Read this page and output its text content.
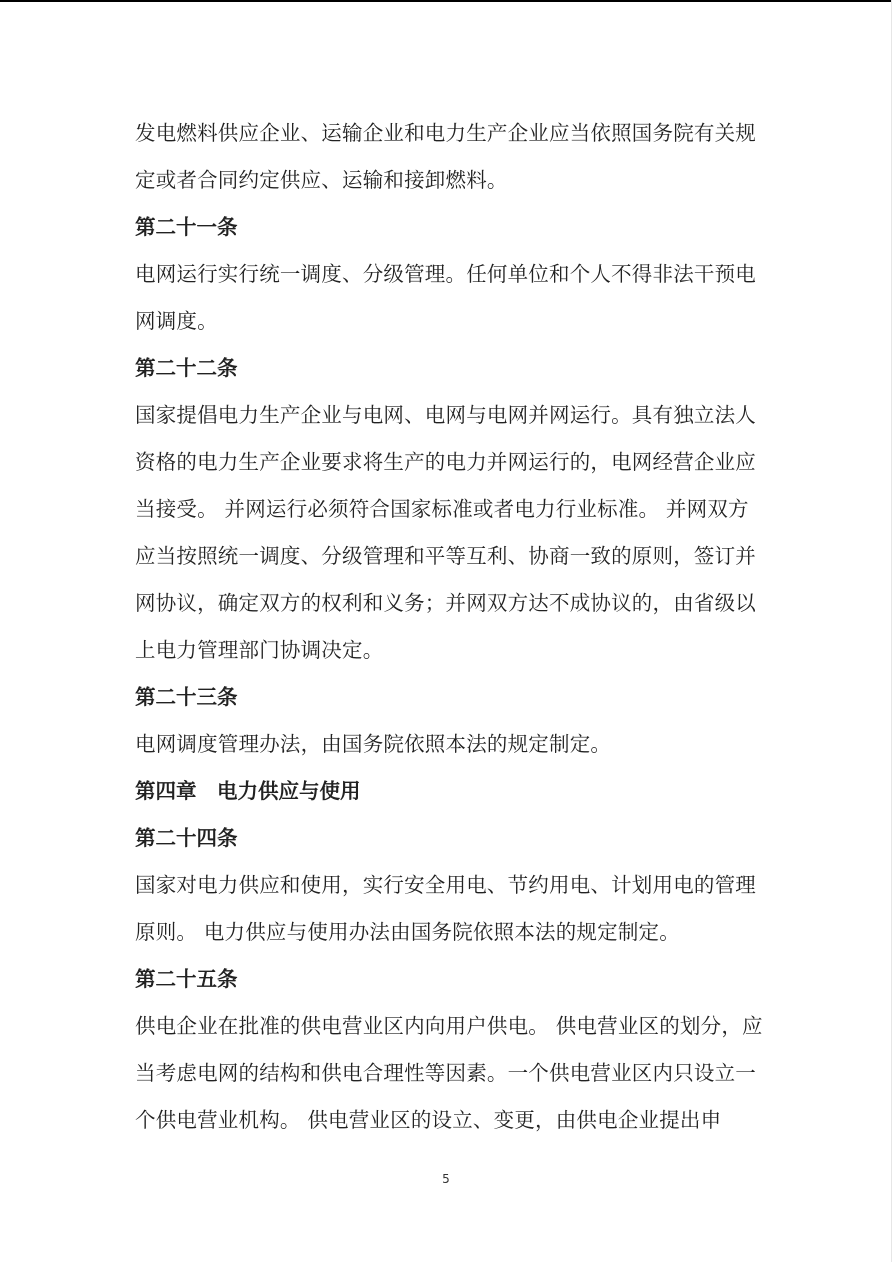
发电燃料供应企业、运输企业和电力生产企业应当依照国务院有关规定或者合同约定供应、运输和接卸燃料。

第二十一条

电网运行实行统一调度、分级管理。任何单位和个人不得非法干预电网调度。

第二十二条

国家提倡电力生产企业与电网、电网与电网并网运行。具有独立法人资格的电力生产企业要求将生产的电力并网运行的，电网经营企业应当接受。 并网运行必须符合国家标准或者电力行业标准。 并网双方应当按照统一调度、分级管理和平等互利、协商一致的原则，签订并网协议，确定双方的权利和义务；并网双方达不成协议的，由省级以上电力管理部门协调决定。

第二十三条

电网调度管理办法，由国务院依照本法的规定制定。

第四章　电力供应与使用

第二十四条

国家对电力供应和使用，实行安全用电、节约用电、计划用电的管理原则。 电力供应与使用办法由国务院依照本法的规定制定。

第二十五条

供电企业在批准的供电营业区内向用户供电。 供电营业区的划分，应当考虑电网的结构和供电合理性等因素。一个供电营业区内只设立一个供电营业机构。 供电营业区的设立、变更，由供电企业提出申

5
